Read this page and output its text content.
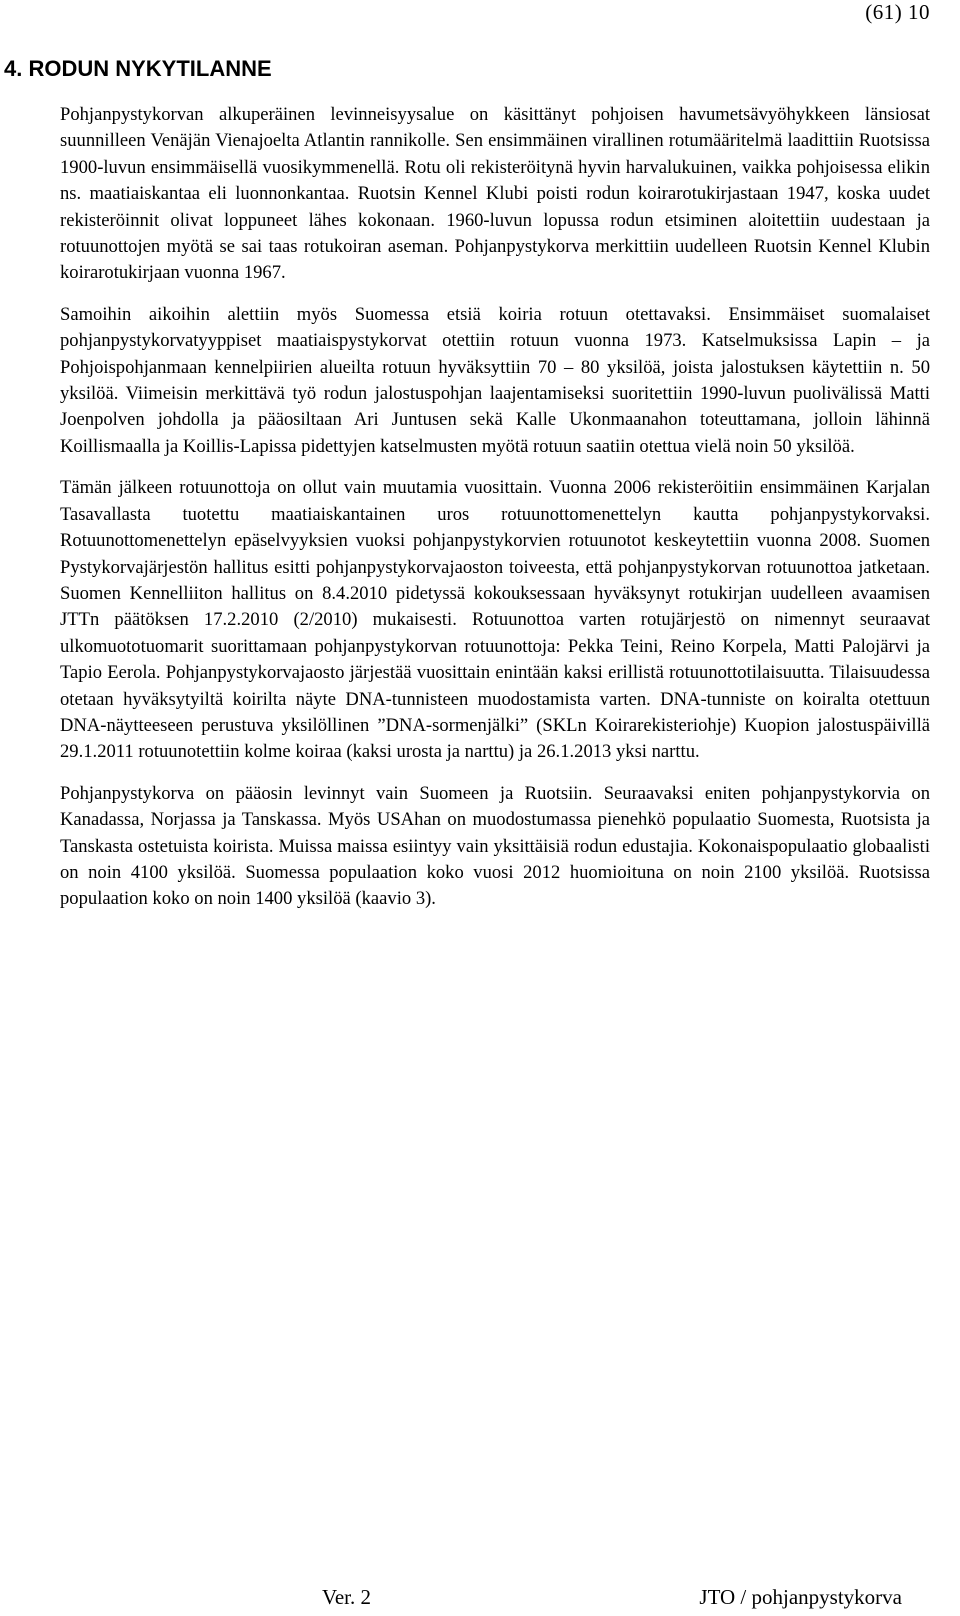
(61) 10
4. RODUN NYKYTILANNE

Pohjanpystykorvan alkuperäinen levinneisyysalue on käsittänyt pohjoisen havumetsävyöhykkeen länsiosat suunnilleen Venäjän Vienajoelta Atlantin rannikolle. Sen ensimmäinen virallinen rotumääritelmä laadittiin Ruotsissa 1900-luvun ensimmäisellä vuosikymmenellä. Rotu oli rekisteröitynä hyvin harvalukuinen, vaikka pohjoisessa elikin ns. maatiaiskantaa eli luonnonkantaa. Ruotsin Kennel Klubi poisti rodun koirarotukirjastaan 1947, koska uudet rekisteröinnit olivat loppuneet lähes kokonaan. 1960-luvun lopussa rodun etsiminen aloitettiin uudestaan ja rotuunottojen myötä se sai taas rotukoiran aseman. Pohjanpystykorva merkittiin uudelleen Ruotsin Kennel Klubin koirarotukirjaan vuonna 1967.

Samoihin aikoihin alettiin myös Suomessa etsiä koiria rotuun otettavaksi. Ensimmäiset suomalaiset pohjanpystykorvatyyppiset maatiaispystykorvat otettiin rotuun vuonna 1973. Katselmuksissa Lapin – ja Pohjoispohjanmaan kennelpiirien alueilta rotuun hyväksyttiin 70 – 80 yksilöä, joista jalostuksen käytettiin n. 50 yksilöä. Viimeisin merkittävä työ rodun jalostuspohjan laajentamiseksi suoritettiin 1990-luvun puolivälissä Matti Joenpolven johdolla ja pääosiltaan Ari Juntusen sekä Kalle Ukonmaanahon toteuttamana, jolloin lähinnä Koillismaalla ja Koillis-Lapissa pidettyjen katselmusten myötä rotuun saatiin otettua vielä noin 50 yksilöä.

Tämän jälkeen rotuunottoja on ollut vain muutamia vuosittain. Vuonna 2006 rekisteröitiin ensimmäinen Karjalan Tasavallasta tuotettu maatiaiskantainen uros rotuunottomenettelyn kautta pohjanpystykorvaksi. Rotuunottomenettelyn epäselvyyksien vuoksi pohjanpystykorvien rotuunotot keskeytettiin vuonna 2008. Suomen Pystykorvajärjestön hallitus esitti pohjanpystykorvajaoston toiveesta, että pohjanpystykorvan rotuunottoa jatketaan. Suomen Kennelliiton hallitus on 8.4.2010 pidetyssä kokouksessaan hyväksynyt rotukirjan uudelleen avaamisen JTTn päätöksen 17.2.2010 (2/2010) mukaisesti. Rotuunottoa varten rotujärjestö on nimennyt seuraavat ulkomuototuomarit suorittamaan pohjanpystykorvan rotuunottoja: Pekka Teini, Reino Korpela, Matti Palojärvi ja Tapio Eerola. Pohjanpystykorvajaosto järjestää vuosittain enintään kaksi erillistä rotuunottotilaisuutta. Tilaisuudessa otetaan hyväksytyiltä koirilta näyte DNA-tunnisteen muodostamista varten. DNA-tunniste on koiralta otettuun DNA-näytteeseen perustuva yksilöllinen ”DNA-sormenjälki” (SKLn Koirarekisteriohje) Kuopion jalostuspäivillä 29.1.2011 rotuunotettiin kolme koiraa (kaksi urosta ja narttu) ja 26.1.2013 yksi narttu.

Pohjanpystykorva on pääosin levinnyt vain Suomeen ja Ruotsiin. Seuraavaksi eniten pohjanpystykorvia on Kanadassa, Norjassa ja Tanskassa. Myös USAhan on muodostumassa pienehkö populaatio Suomesta, Ruotsista ja Tanskasta ostetuista koirista. Muissa maissa esiintyy vain yksittäisiä rodun edustajia. Kokonaispopulaatio globaalisti on noin 4100 yksilöä. Suomessa populaation koko vuosi 2012 huomioituna on noin 2100 yksilöä. Ruotsissa populaation koko on noin 1400 yksilöä (kaavio 3).

Ver. 2	JTO / pohjanpystykorva
